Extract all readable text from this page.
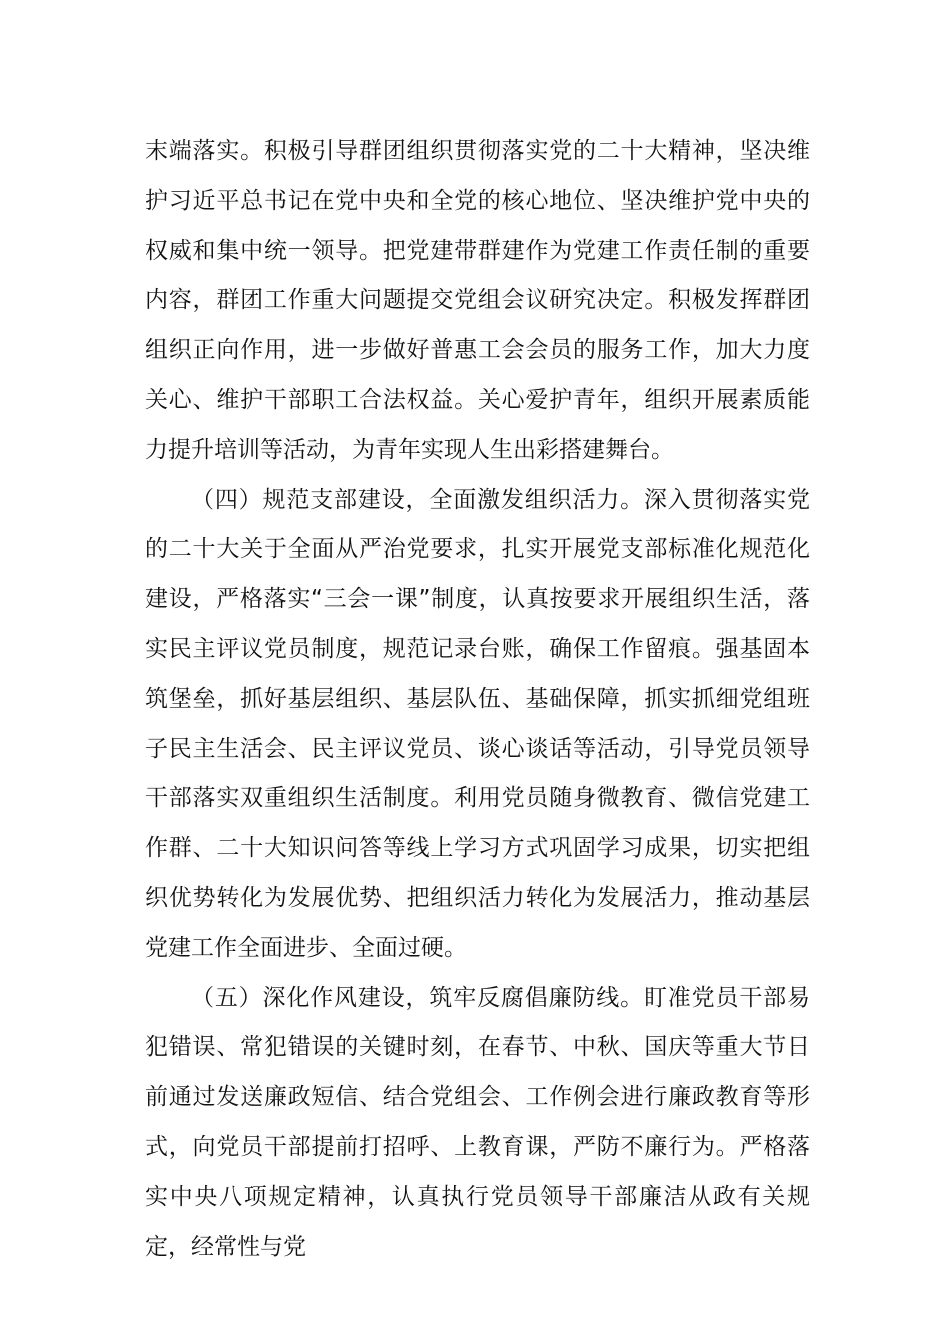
末端落实。积极引导群团组织贯彻落实党的二十大精神，坚决维护习近平总书记在党中央和全党的核心地位、坚决维护党中央的权威和集中统一领导。把党建带群建作为党建工作责任制的重要内容，群团工作重大问题提交党组会议研究决定。积极发挥群团组织正向作用，进一步做好普惠工会会员的服务工作，加大力度关心、维护干部职工合法权益。关心爱护青年，组织开展素质能力提升培训等活动，为青年实现人生出彩搭建舞台。

（四）规范支部建设，全面激发组织活力。深入贯彻落实党的二十大关于全面从严治党要求，扎实开展党支部标准化规范化建设，严格落实“三会一课”制度，认真按要求开展组织生活，落实民主评议党员制度，规范记录台账，确保工作留痕。强基固本筑堡垒，抓好基层组织、基层队伍、基础保障，抓实抓细党组班子民主生活会、民主评议党员、谈心谈话等活动，引导党员领导干部落实双重组织生活制度。利用党员随身微教育、微信党建工作群、二十大知识问答等线上学习方式巩固学习成果，切实把组织优势转化为发展优势、把组织活力转化为发展活力，推动基层党建工作全面进步、全面过硬。

（五）深化作风建设，筑牢反腐倡廉防线。盯准党员干部易犯错误、常犯错误的关键时刻，在春节、中秋、国庆等重大节日前通过发送廉政短信、结合党组会、工作例会进行廉政教育等形式，向党员干部提前打招呼、上教育课，严防不廉行为。严格落实中央八项规定精神，认真执行党员领导干部廉洁从政有关规定，经常性与党
